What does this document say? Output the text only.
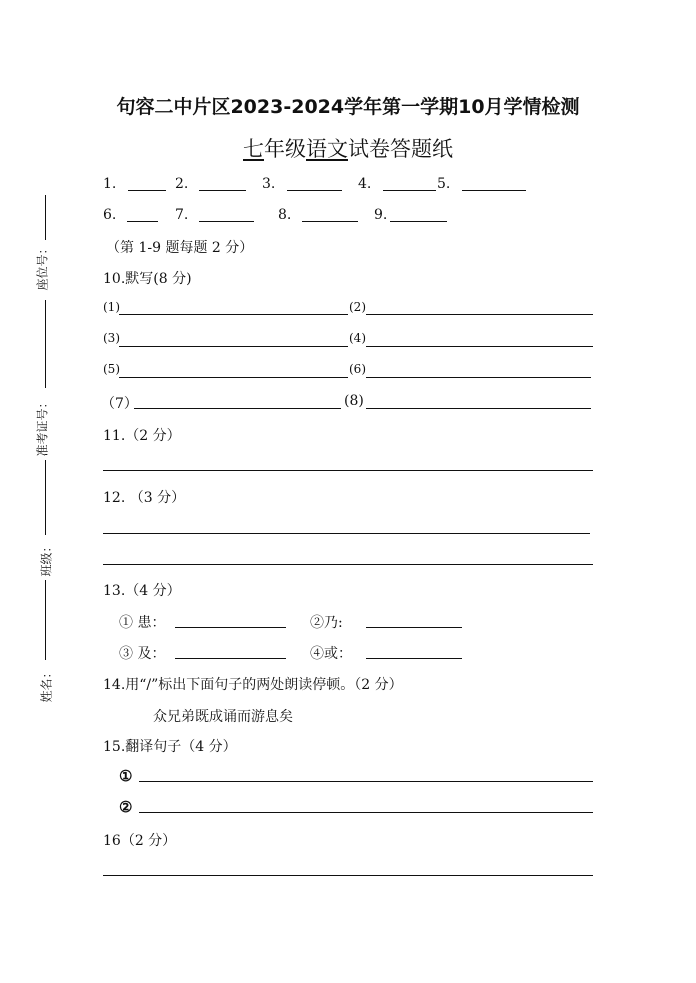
句容二中片区2023-2024学年第一学期10月学情检测
七年级语文试卷答题纸
座位号：
准考证号：
班级：
姓名：
1.	2.	3.	4.	5.
6.	7.	8.	9.
（第 1-9 题每题 2 分）
10.默写(8 分)
(1)	(2)
(3)	(4)
(5)	(6)
（7）	(8)
11.（2 分）
12. （3 分）
13.（4 分）
① 患：	②乃:
③ 及：	④或：
14.用“/”标出下面句子的两处朗读停顿。（2 分）
众兄弟既成诵而游息矣
15.翻译句子（4 分）
①
②
16（2 分）
